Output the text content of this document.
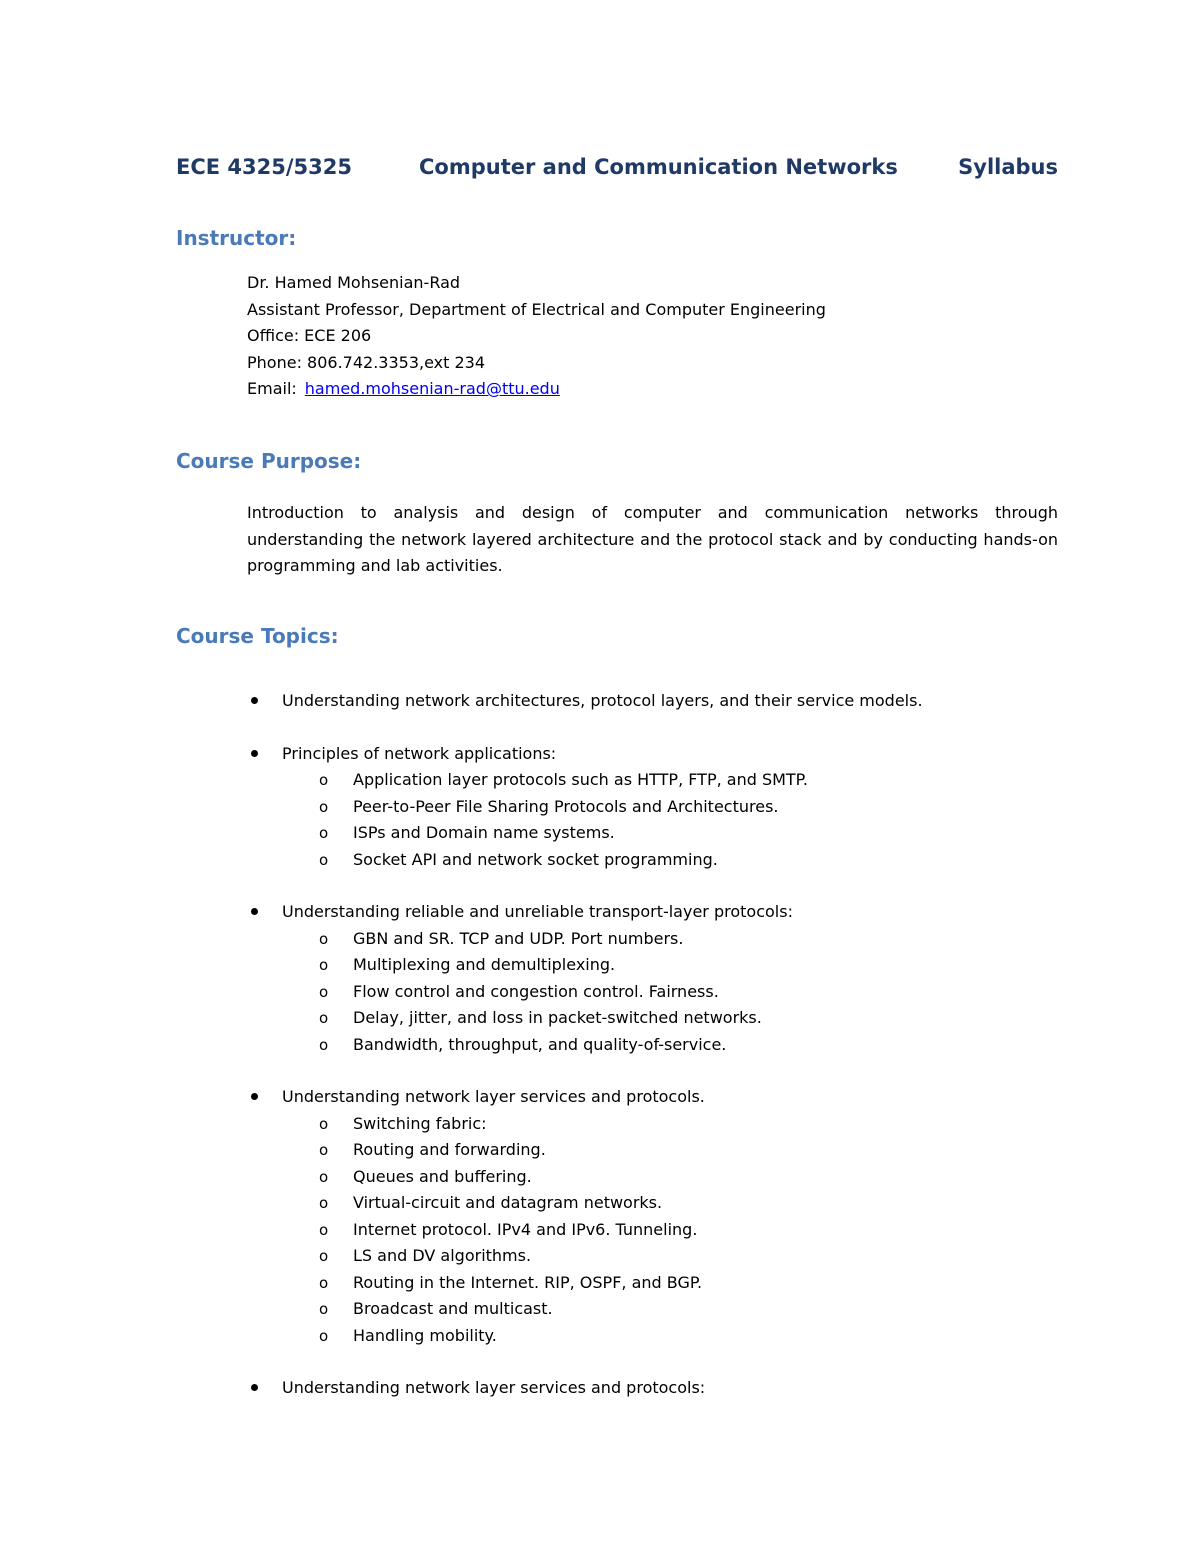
ECE 4325/5325	Computer and Communication Networks	Syllabus
Instructor:
Dr. Hamed Mohsenian-Rad
Assistant Professor, Department of Electrical and Computer Engineering
Office: ECE 206
Phone: 806.742.3353,ext 234
Email: hamed.mohsenian-rad@ttu.edu
Course Purpose:

Introduction to analysis and design of computer and communication networks through understanding the network layered architecture and the protocol stack and by conducting hands-on programming and lab activities.

Course Topics:
Understanding network architectures, protocol layers, and their service models.
Principles of network applications:
o Application layer protocols such as HTTP, FTP, and SMTP.
o Peer-to-Peer File Sharing Protocols and Architectures.
o ISPs and Domain name systems.
o Socket API and network socket programming.
Understanding reliable and unreliable transport-layer protocols:
o GBN and SR. TCP and UDP. Port numbers.
o Multiplexing and demultiplexing.
o Flow control and congestion control. Fairness.
o Delay, jitter, and loss in packet-switched networks.
o Bandwidth, throughput, and quality-of-service.
Understanding network layer services and protocols.
o Switching fabric:
o Routing and forwarding.
o Queues and buffering.
o Virtual-circuit and datagram networks.
o Internet protocol. IPv4 and IPv6. Tunneling.
o LS and DV algorithms.
o Routing in the Internet. RIP, OSPF, and BGP.
o Broadcast and multicast.
o Handling mobility.
Understanding network layer services and protocols:
